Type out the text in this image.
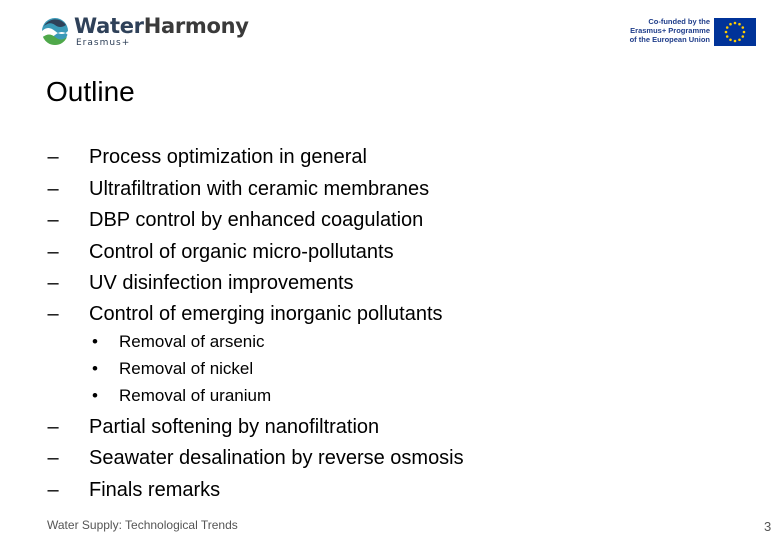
WaterHarmony
Erasmus+
Co-funded by the
Erasmus+ Programme
of the European Union
Outline
– Process optimization in general
– Ultrafiltration with ceramic membranes
– DBP control by enhanced coagulation
– Control of organic micro-pollutants
– UV disinfection improvements
– Control of emerging inorganic pollutants
• Removal of arsenic
• Removal of nickel
• Removal of uranium
– Partial softening by nanofiltration
– Seawater desalination by reverse osmosis
– Finals remarks
Water Supply: Technological Trends	3
